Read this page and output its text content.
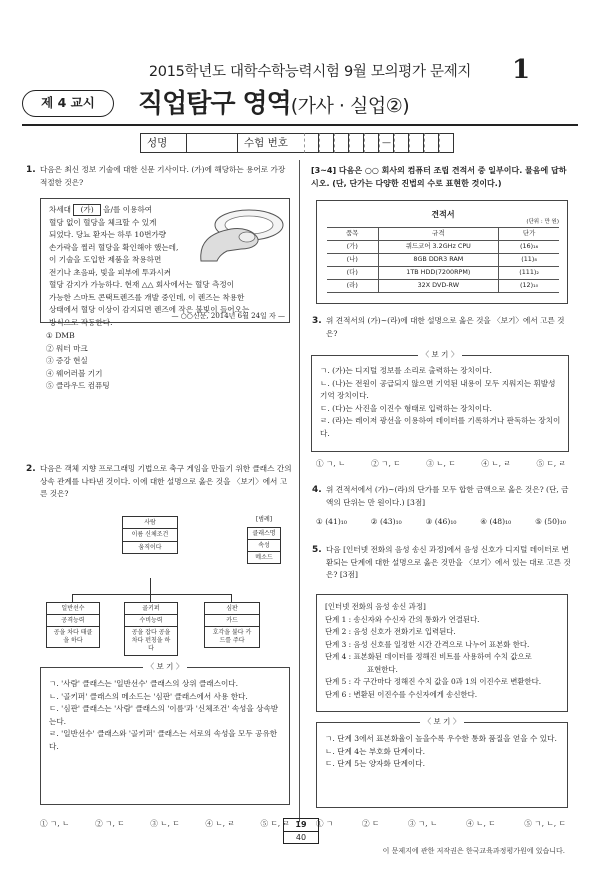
2015학년도 대학수학능력시험 9월 모의평가 문제지	1
제 4 교시	직업탐구 영역(가사 · 실업②)
성명	수험 번호	—
1. 다음은 최신 정보 기술에 대한 신문 기사이다. (가)에 해당하는 용어로 가장 적절한 것은?
차세대 (가) 을/를 이용하여
혈당 없이 혈당을 체크할 수 있게
되었다. 당뇨 환자는 하루 10번가량
손가락을 찔러 혈당을 확인해야 했는데,
이 기술을 도입한 제품을 착용하면
전기나 초음파, 빛을 피부에 투과시켜
혈당 감지가 가능하다. 현재 △△ 회사에서는 혈당 측정이
가능한 스마트 콘택트렌즈를 개발 중인데, 이 렌즈는 착용한
상태에서 혈당 이상이 감지되면 렌즈에 작은 불빛이 들어오는
방식으로 작동한다.
— ○○신문, 2014년 6월 24일 자 —
① DMB
② 워터 마크
③ 증강 현실
④ 웨어러블 기기
⑤ 클라우드 컴퓨팅
2. 다음은 객체 지향 프로그래밍 기법으로 축구 게임을 만들기 위한 클래스 간의 상속 관계를 나타낸 것이다. 이에 대한 설명으로 옳은 것을 〈보기〉에서 고른 것은?
사람
이름 신체조건
움직이다
[범례]
클래스명
속성
메소드
일반선수
공격능력
공을 차다 태클을 하다
골키퍼
수비능력
공을 잡다 공을 차다 펀칭을 하다
심판
카드
호각을 불다 카드를 주다
〈 보 기 〉
ㄱ. '사람' 클래스는 '일반선수' 클래스의 상위 클래스이다.
ㄴ. '골키퍼' 클래스의 메소드는 '심판' 클래스에서 사용 한다.
ㄷ. '심판' 클래스는 '사람' 클래스의 '이름'과 '신체조건' 속성을 상속받는다.
ㄹ. '일반선수' 클래스와 '골키퍼' 클래스는 서로의 속성을 모두 공유한다.
① ㄱ, ㄴ	② ㄱ, ㄷ	③ ㄴ, ㄷ	④ ㄴ, ㄹ	⑤ ㄷ, ㄹ
[3~4] 다음은 ○○ 회사의 컴퓨터 조립 견적서 중 일부이다. 물음에 답하시오. (단, 단가는 다양한 진법의 수로 표현한 것이다.)
견적서
(단위 : 만 원)
품목	규격	단가
(가)	쿼드코어 3.2GHz CPU	(16)₁₆
(나)	8GB DDR3 RAM	(11)₈
(다)	1TB HDD(7200RPM)	(111)₂
(라)	32X DVD-RW	(12)₁₀
3. 위 견적서의 (가)~(라)에 대한 설명으로 옳은 것을 〈보기〉에서 고른 것은?
〈 보 기 〉
ㄱ. (가)는 디지털 정보를 소리로 출력하는 장치이다.
ㄴ. (나)는 전원이 공급되지 않으면 기억된 내용이 모두 지워지는 휘발성 기억 장치이다.
ㄷ. (다)는 사진을 이진수 형태로 입력하는 장치이다.
ㄹ. (라)는 레이저 광선을 이용하여 데이터를 기록하거나 판독하는 장치이다.
① ㄱ, ㄴ	② ㄱ, ㄷ	③ ㄴ, ㄷ	④ ㄴ, ㄹ	⑤ ㄷ, ㄹ
4. 위 견적서에서 (가)~(라)의 단가를 모두 합한 금액으로 옳은 것은? (단, 금액의 단위는 만 원이다.) [3점]
① (41)₁₀	② (43)₁₀	③ (46)₁₀	④ (48)₁₀	⑤ (50)₁₀
5. 다음 [인터넷 전화의 음성 송신 과정]에서 음성 신호가 디지털 데이터로 변환되는 단계에 대한 설명으로 옳은 것만을 〈보기〉에서 있는 대로 고른 것은? [3점]
[인터넷 전화의 음성 송신 과정]
단계 1 : 송신자와 수신자 간의 통화가 연결된다.
단계 2 : 음성 신호가 전화기로 입력된다.
단계 3 : 음성 신호를 일정한 시간 간격으로 나누어 표본화 한다.
단계 4 : 표본화된 데이터를 정해진 비트를 사용하여 수치 값으로
표현한다.
단계 5 : 각 구간마다 정해진 수치 값을 0과 1의 이진수로 변환한다.
단계 6 : 변환된 이진수를 수신자에게 송신한다.
〈 보 기 〉
ㄱ. 단계 3에서 표본화율이 높을수록 우수한 통화 품질을 얻을 수 있다.
ㄴ. 단계 4는 부호화 단계이다.
ㄷ. 단계 5는 양자화 단계이다.
① ㄱ	② ㄷ	③ ㄱ, ㄴ	④ ㄴ, ㄷ	⑤ ㄱ, ㄴ, ㄷ
19
40
이 문제지에 관한 저작권은 한국교육과정평가원에 있습니다.
